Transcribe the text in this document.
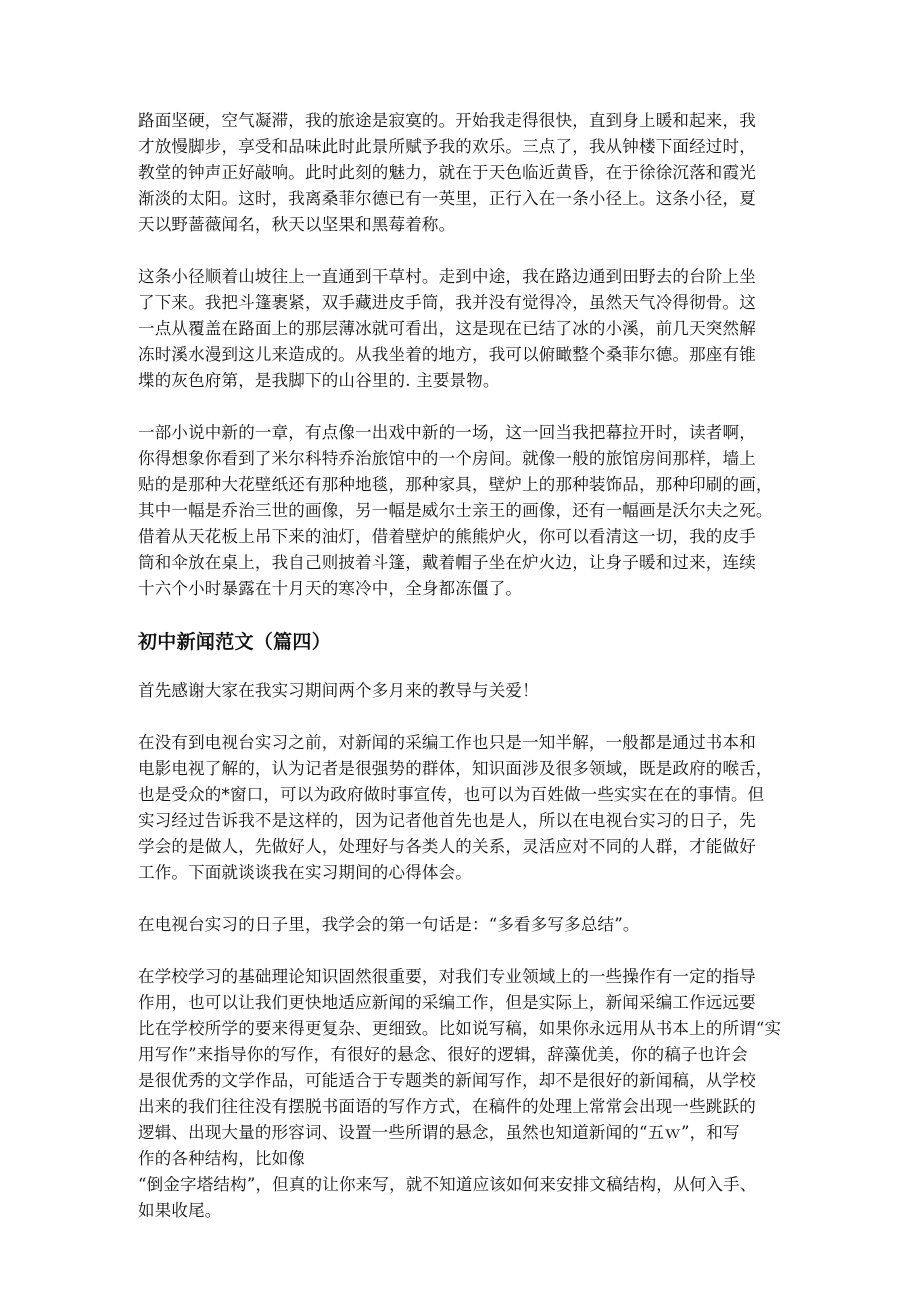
路面坚硬，空气凝滞，我的旅途是寂寞的。开始我走得很快，直到身上暖和起来，我
才放慢脚步，享受和品味此时此景所赋予我的欢乐。三点了，我从钟楼下面经过时，
教堂的钟声正好敲响。此时此刻的魅力，就在于天色临近黄昏，在于徐徐沉落和霞光
渐淡的太阳。这时，我离桑菲尔德已有一英里，正行入在一条小径上。这条小径，夏
天以野蔷薇闻名，秋天以坚果和黑莓着称。

这条小径顺着山坡往上一直通到干草村。走到中途，我在路边通到田野去的台阶上坐
了下来。我把斗篷裹紧，双手藏进皮手筒，我并没有觉得冷，虽然天气冷得彻骨。这
一点从覆盖在路面上的那层薄冰就可看出，这是现在已结了冰的小溪，前几天突然解
冻时溪水漫到这儿来造成的。从我坐着的地方，我可以俯瞰整个桑菲尔德。那座有锥
堞的灰色府第，是我脚下的山谷里的. 主要景物。

一部小说中新的一章，有点像一出戏中新的一场，这一回当我把幕拉开时，读者啊，
你得想象你看到了米尔科特乔治旅馆中的一个房间。就像一般的旅馆房间那样，墙上
贴的是那种大花壁纸还有那种地毯，那种家具，壁炉上的那种装饰品，那种印刷的画，
其中一幅是乔治三世的画像，另一幅是威尔士亲王的画像，还有一幅画是沃尔夫之死。
借着从天花板上吊下来的油灯，借着壁炉的熊熊炉火，你可以看清这一切，我的皮手
筒和伞放在桌上，我自己则披着斗篷，戴着帽子坐在炉火边，让身子暖和过来，连续
十六个小时暴露在十月天的寒冷中，全身都冻僵了。

初中新闻范文（篇四）

首先感谢大家在我实习期间两个多月来的教导与关爱！

在没有到电视台实习之前，对新闻的采编工作也只是一知半解，一般都是通过书本和
电影电视了解的，认为记者是很强势的群体，知识面涉及很多领域，既是政府的喉舌，
也是受众的*窗口，可以为政府做时事宣传，也可以为百姓做一些实实在在的事情。但
实习经过告诉我不是这样的，因为记者他首先也是人，所以在电视台实习的日子，先
学会的是做人，先做好人，处理好与各类人的关系，灵活应对不同的人群，才能做好
工作。下面就谈谈我在实习期间的心得体会。

在电视台实习的日子里，我学会的第一句话是：“多看多写多总结”。

在学校学习的基础理论知识固然很重要，对我们专业领域上的一些操作有一定的指导
作用，也可以让我们更快地适应新闻的采编工作，但是实际上，新闻采编工作远远要
比在学校所学的要来得更复杂、更细致。比如说写稿，如果你永远用从书本上的所谓“实
用写作”来指导你的写作，有很好的悬念、很好的逻辑，辞藻优美，你的稿子也许会
是很优秀的文学作品，可能适合于专题类的新闻写作，却不是很好的新闻稿，从学校
出来的我们往往没有摆脱书面语的写作方式，在稿件的处理上常常会出现一些跳跃的
逻辑、出现大量的形容词、设置一些所谓的悬念，虽然也知道新闻的“五ｗ”，和写
作的各种结构，比如像
“倒金字塔结构”，但真的让你来写，就不知道应该如何来安排文稿结构，从何入手、
如果收尾。
